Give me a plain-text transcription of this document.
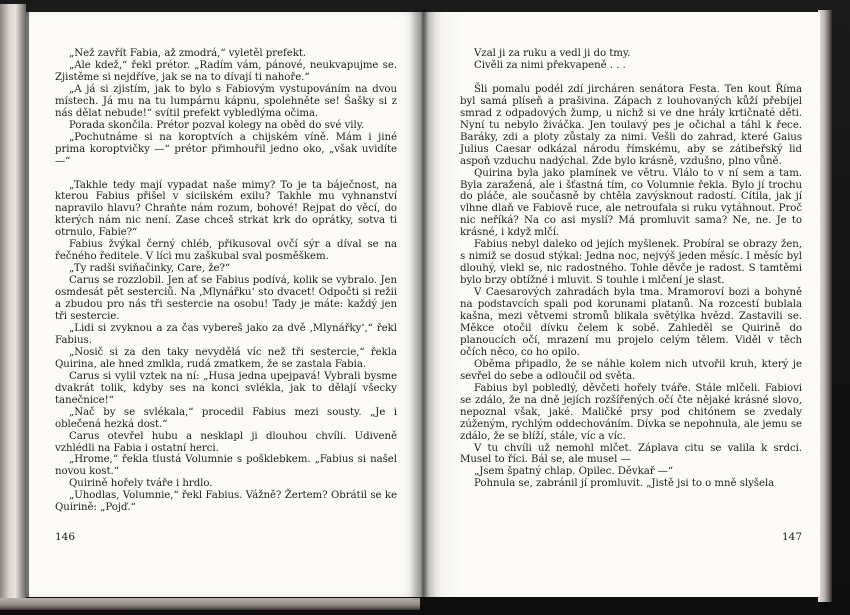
„Než zavřít Fabia, až zmodrá,“ vyletěl prefekt.

„Ale kdež,“ řekl prétor. „Radím vám, pánové, neukvapujme se. Zjistěme si nejdříve, jak se na to dívají ti nahoře.“

„A já si zjistím, jak to bylo s Fabiovým vystupováním na dvou místech. Já mu na tu lumpárnu kápnu, spolehněte se! Šašky si z nás dělat nebude!“ svítil prefekt vybledlýma očima.

Porada skončila. Prétor pozval kolegy na oběd do své vily.

„Pochutnáme si na koroptvích a chijském víně. Mám i jiné prima koroptvičky —“ prétor přimhouřil jedno oko, „však uvidíte —“

„Takhle tedy mají vypadat naše mimy? To je ta báječnost, na kterou Fabius přišel v sicilském exilu? Takhle mu vyhnanství napravilo hlavu? Chraňte nám rozum, bohové! Rejpat do věcí, do kterých nám nic není. Zase chceš strkat krk do oprátky, sotva ti otrnulo, Fabie?“

Fabius žvýkal černý chléb, přikusoval ovčí sýr a díval se na řečného ředitele. V líci mu zaškubal sval posměškem.

„Ty radši sviňačinky, Care, že?“

Carus se rozzlobil. Jen ať se Fabius podívá, kolik se vybralo. Jen osmdesát pět sesterciů. Na ‚Mlynářku‘ sto dvacet! Odpočti si režii a zbudou pro nás tři sestercie na osobu! Tady je máte: každý jen tři sestercie.

„Lidi si zvyknou a za čas vybereš jako za dvě ‚Mlynářky‘,“ řekl Fabius.

„Nosič si za den taky nevydělá víc než tři sestercie,“ řekla Quirina, ale hned zmlkla, rudá zmatkem, že se zastala Fabia.

Carus si vylil vztek na ní: „Husa jedna upejpavá! Vybrali bysme dvakrát tolik, kdyby ses na konci svlékla, jak to dělají všecky tanečnice!“

„Nač by se svlékala,“ procedil Fabius mezi sousty. „Je i oblečená hezká dost.“

Carus otevřel hubu a nesklapl ji dlouhou chvíli. Udiveně vzhlédli na Fabia i ostatní herci.

„Hrome,“ řekla tlustá Volumnie s pošklebkem. „Fabius si našel novou kost.“

Quirině hořely tváře i hrdlo.

„Uhodlas, Volumnie,“ řekl Fabius. Vážně? Žertem? Obrátil se ke Quirině: „Pojď.“

146

Vzal ji za ruku a vedl ji do tmy.

Civěli za nimi překvapeně . . .

Šli pomalu podél zdí jircháren senátora Festa. Ten kout Říma byl samá plíseň a prašivina. Zápach z louhovaných kůží přebíjel smrad z odpadových žump, u nichž si ve dne hrály krtičnaté děti. Nyní tu nebylo živáčka. Jen toulavý pes je očichal a táhl k řece. Baráky, zdi a ploty zůstaly za nimi. Vešli do zahrad, které Gaius Julius Caesar odkázal národu římskému, aby se zátibeřský lid aspoň vzduchu nadýchal. Zde bylo krásně, vzdušno, plno vůně.

Quirina byla jako plamínek ve větru. Vlálo to v ní sem a tam. Byla zaražená, ale i šťastná tím, co Volumnie řekla. Bylo jí trochu do pláče, ale současně by chtěla zavýsknout radostí. Cítila, jak jí vlhne dlaň ve Fabiově ruce, ale netroufala si ruku vytáhnout. Proč nic neříká? Na co asi myslí? Má promluvit sama? Ne, ne. Je to krásné, i když mlčí.

Fabius nebyl daleko od jejích myšlenek. Probíral se obrazy žen, s nimiž se dosud stýkal: Jedna noc, nejvýš jeden měsíc. I měsíc byl dlouhý, vlekl se, nic radostného. Tohle děvče je radost. S tamtěmi bylo brzy obtížné i mluvit. S touhle i mlčení je slast.

V Caesarových zahradách byla tma. Mramoroví bozi a bohyně na podstavcích spali pod korunami platanů. Na rozcestí bublala kašna, mezi větvemi stromů blikala světýlka hvězd. Zastavili se. Měkce otočil dívku čelem k sobě. Zahleděl se Quirině do planoucích očí, mrazení mu projelo celým tělem. Viděl v těch očích něco, co ho opilo.

Oběma připadlo, že se náhle kolem nich utvořil kruh, který je sevřel do sebe a odloučil od světa.

Fabius byl pobledlý, děvčeti hořely tváře. Stále mlčeli. Fabiovi se zdálo, že na dně jejích rozšířených očí čte nějaké krásné slovo, nepoznal však, jaké. Maličké prsy pod chitónem se zvedaly zúženým, rychlým oddechováním. Dívka se nepohnula, ale jemu se zdálo, že se blíží, stále, víc a víc.

V tu chvíli už nemohl mlčet. Záplava citu se valila k srdci. Musel to říci. Bál se, ale musel —

„Jsem špatný chlap. Opilec. Děvkař —“

Pohnula se, zabránil jí promluvit. „Jistě jsi to o mně slyšela

147
